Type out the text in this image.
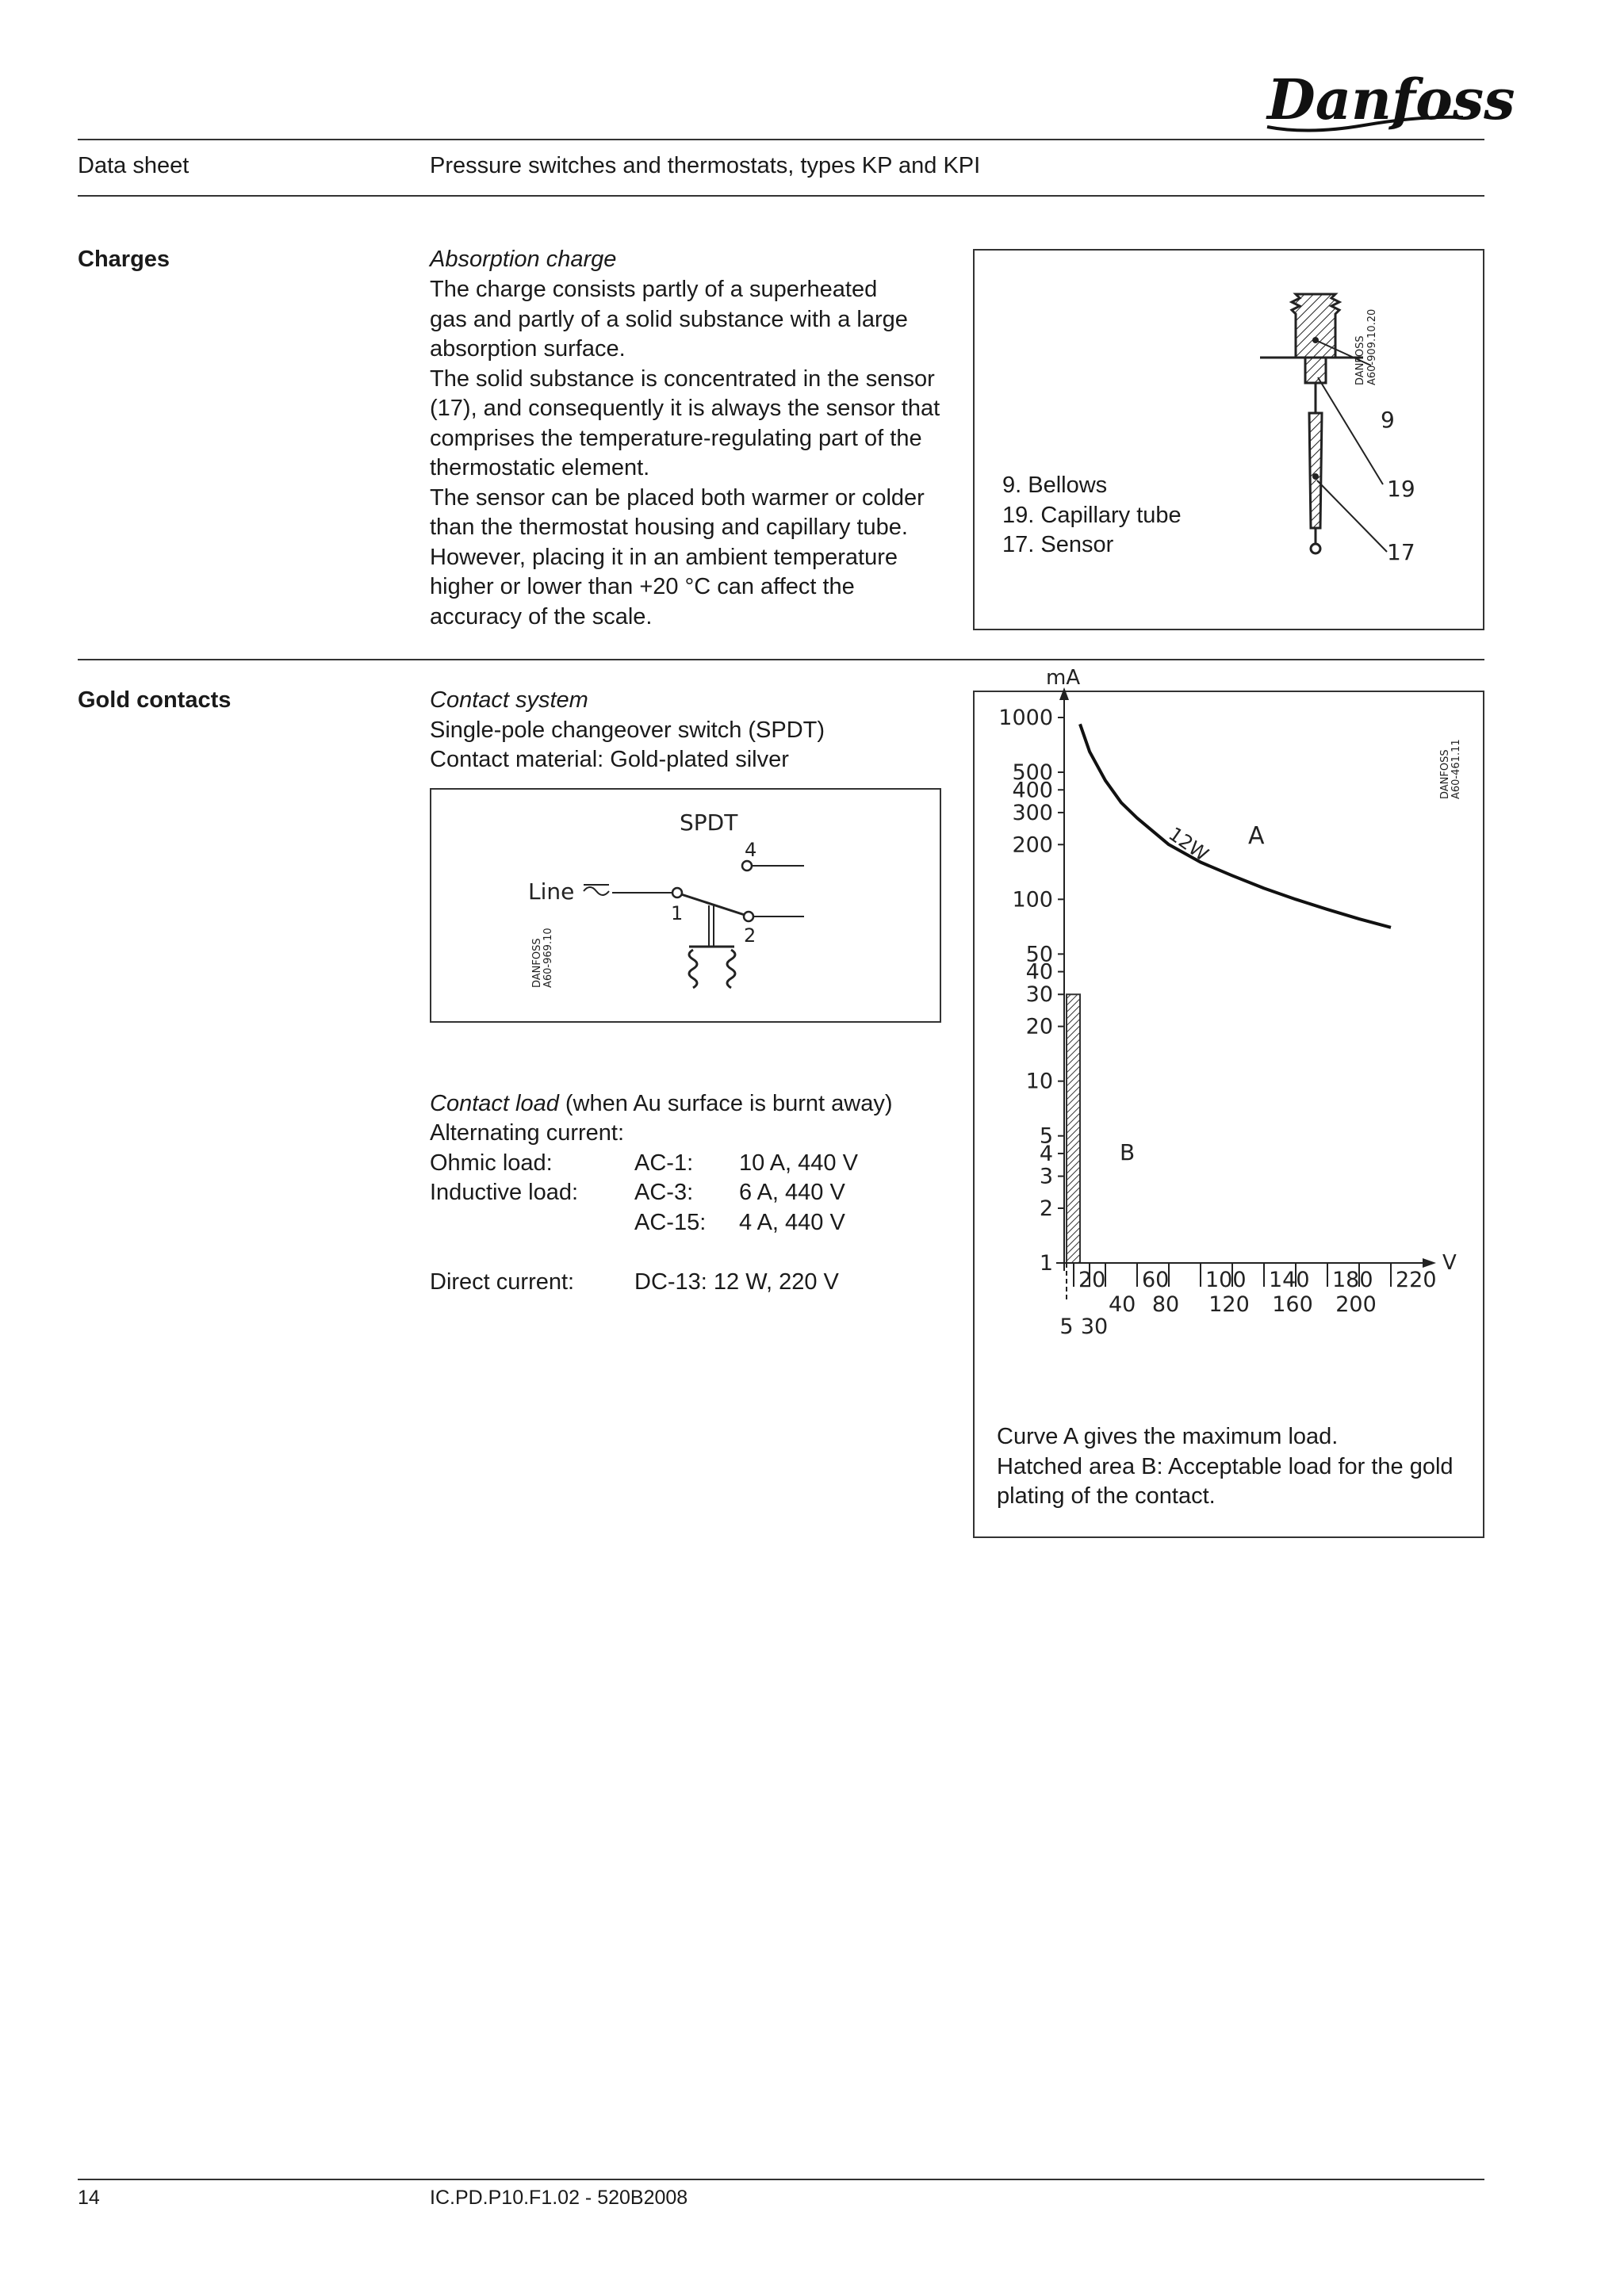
Danfoss
Data sheet	Pressure switches and thermostats, types KP and KPI
Charges	Absorption charge
The charge consists partly of a superheated
gas and partly of a solid substance with a large
absorption surface.
The solid substance is concentrated in the sensor
(17), and consequently it is always the sensor that
comprises the temperature-regulating part of the
thermostatic element.
The sensor can be placed both warmer or colder
than the thermostat housing and capillary tube.
However, placing it in an ambient temperature
higher or lower than +20 °C can affect the
accuracy of the scale.
9. Bellows
19. Capillary tube
17. Sensor
9
19
17
DANFOSS A60-909.10.20
Gold contacts	Contact system
Single-pole changeover switch (SPDT)
Contact material: Gold-plated silver
SPDT
Line
1
2
4
DANFOSS A60-969.10
Contact load (when Au surface is burnt away)
Alternating current:
Ohmic load:	AC-1: 10 A, 440 V
Inductive load: AC-3: 6 A, 440 V
AC-15: 4 A, 440 V
Direct current:	DC-13: 12 W, 220 V
B
mA
V
1
2
3
4
5
10
20
30
40
50
100
200
300
400
500
1000
5
20
30
40
60
80
100
120
140
160
180
200
220
A
12W
DANFOSS A60-461.11
Curve A gives the maximum load.
Hatched area B: Acceptable load for the gold
plating of the contact.
14	IC.PD.P10.F1.02 - 520B2008
